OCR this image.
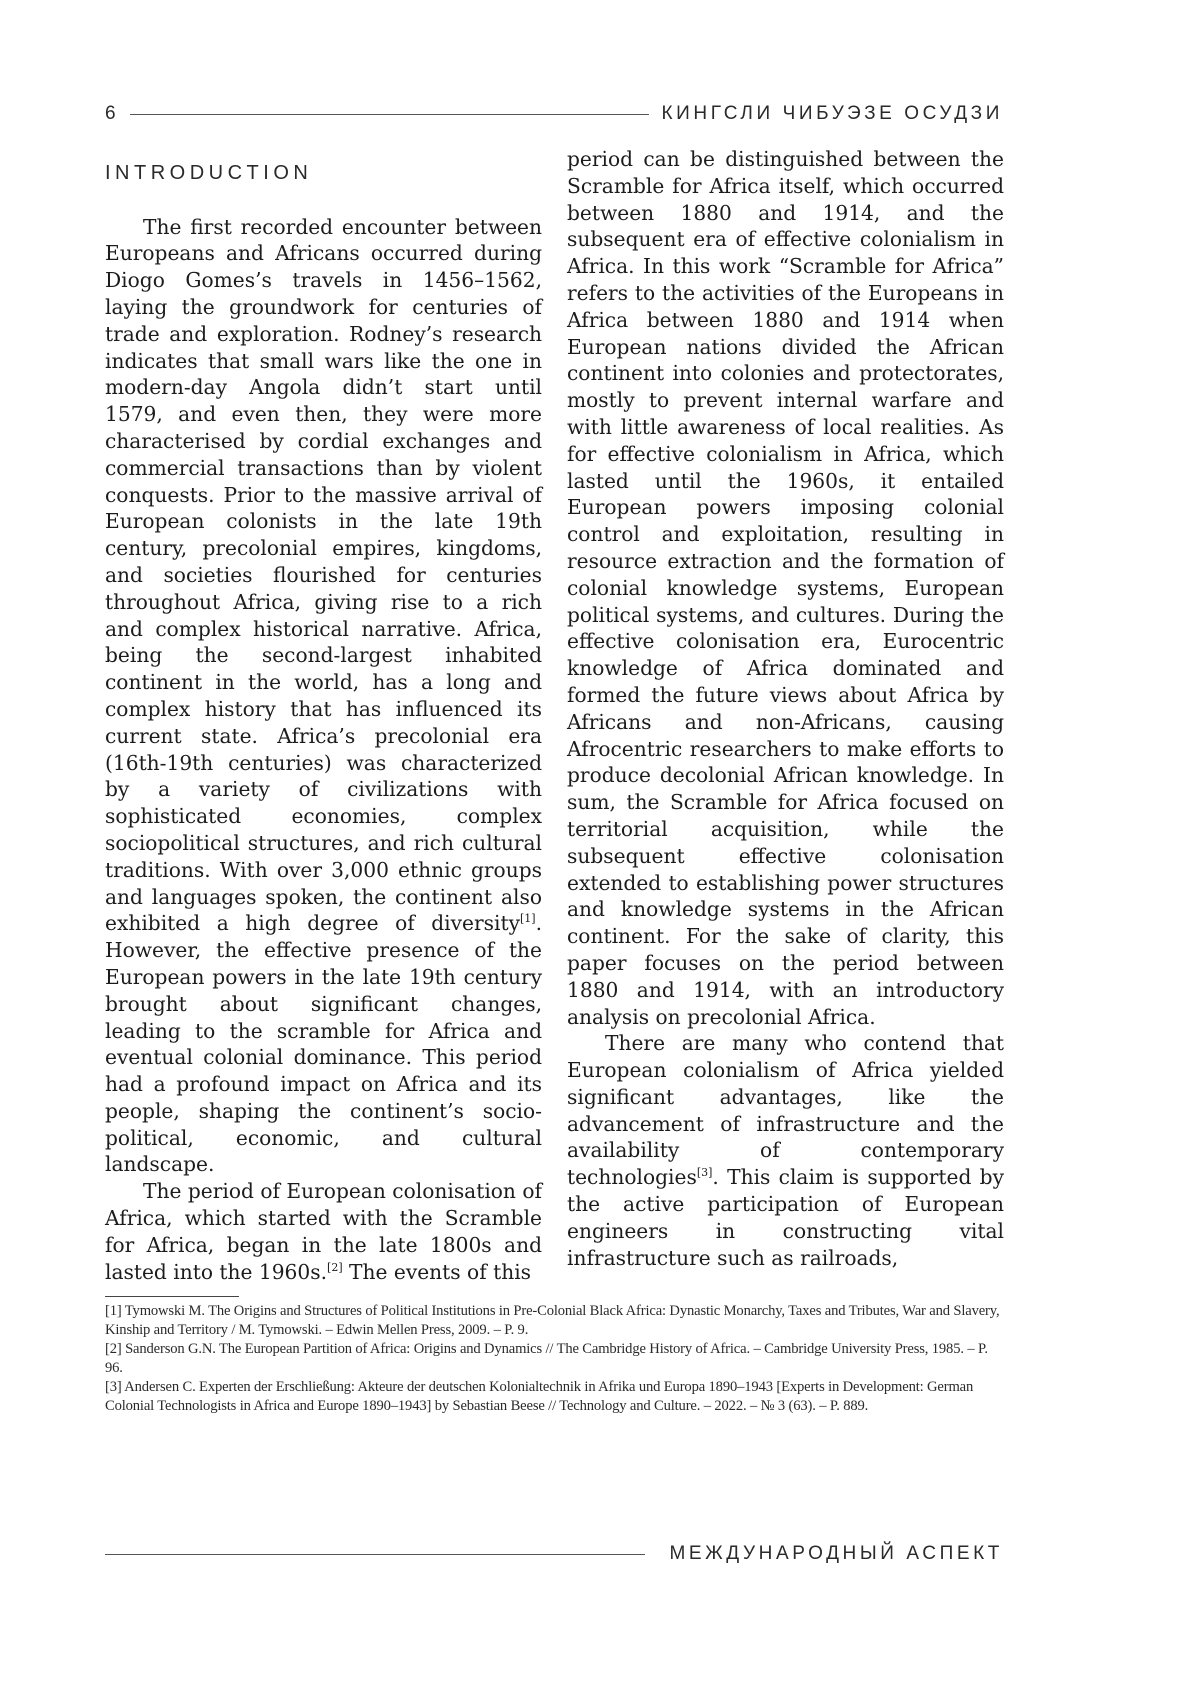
6	КИНГСЛИ ЧИБУЭЗЕ ОСУДЗИ
INTRODUCTION

The first recorded encounter between Europeans and Africans occurred during Diogo Gomes’s travels in 1456–1562, laying the groundwork for centuries of trade and exploration. Rodney’s research indicates that small wars like the one in modern-day Angola didn’t start until 1579, and even then, they were more characterised by cordial exchanges and commercial transactions than by violent conquests. Prior to the massive arrival of European colonists in the late 19th century, precolonial empires, kingdoms, and societies flourished for centuries throughout Africa, giving rise to a rich and complex historical narrative. Africa, being the second-largest inhabited continent in the world, has a long and complex history that has influenced its current state. Africa’s precolonial era (16th-19th centuries) was characterized by a variety of civilizations with sophisticated economies, complex sociopolitical structures, and rich cultural traditions. With over 3,000 ethnic groups and languages spoken, the continent also exhibited a high degree of diversity[1]. However, the effective presence of the European powers in the late 19th century brought about significant changes, leading to the scramble for Africa and eventual colonial dominance. This period had a profound impact on Africa and its people, shaping the continent’s socio-political, economic, and cultural landscape.

The period of European colonisation of Africa, which started with the Scramble for Africa, began in the late 1800s and lasted into the 1960s.[2] The events of this

period can be distinguished between the Scramble for Africa itself, which occurred between 1880 and 1914, and the subsequent era of effective colonialism in Africa. In this work “Scramble for Africa” refers to the activities of the Europeans in Africa between 1880 and 1914 when European nations divided the African continent into colonies and protectorates, mostly to prevent internal warfare and with little awareness of local realities. As for effective colonialism in Africa, which lasted until the 1960s, it entailed European powers imposing colonial control and exploitation, resulting in resource extraction and the formation of colonial knowledge systems, European political systems, and cultures. During the effective colonisation era, Eurocentric knowledge of Africa dominated and formed the future views about Africa by Africans and non-Africans, causing Afrocentric researchers to make efforts to produce decolonial African knowledge. In sum, the Scramble for Africa focused on territorial acquisition, while the subsequent effective colonisation extended to establishing power structures and knowledge systems in the African continent. For the sake of clarity, this paper focuses on the period between 1880 and 1914, with an introductory analysis on precolonial Africa.

There are many who contend that European colonialism of Africa yielded significant advantages, like the advancement of infrastructure and the availability of contemporary technologies[3]. This claim is supported by the active participation of European engineers in constructing vital infrastructure such as railroads,

[1] Tymowski M. The Origins and Structures of Political Institutions in Pre-Colonial Black Africa: Dynastic Monarchy, Taxes and Tributes, War and Slavery, Kinship and Territory / M. Tymowski. – Edwin Mellen Press, 2009. – P. 9.

[2] Sanderson G.N. The European Partition of Africa: Origins and Dynamics // The Cambridge History of Africa. – Cambridge University Press, 1985. – P. 96.

[3] Andersen C. Experten der Erschließung: Akteure der deutschen Kolonialtechnik in Afrika und Europa 1890–1943 [Experts in Development: German Colonial Technologists in Africa and Europe 1890–1943] by Sebastian Beese // Technology and Culture. – 2022. – № 3 (63). – P. 889.

МЕЖДУНАРОДНЫЙ АСПЕКТ
